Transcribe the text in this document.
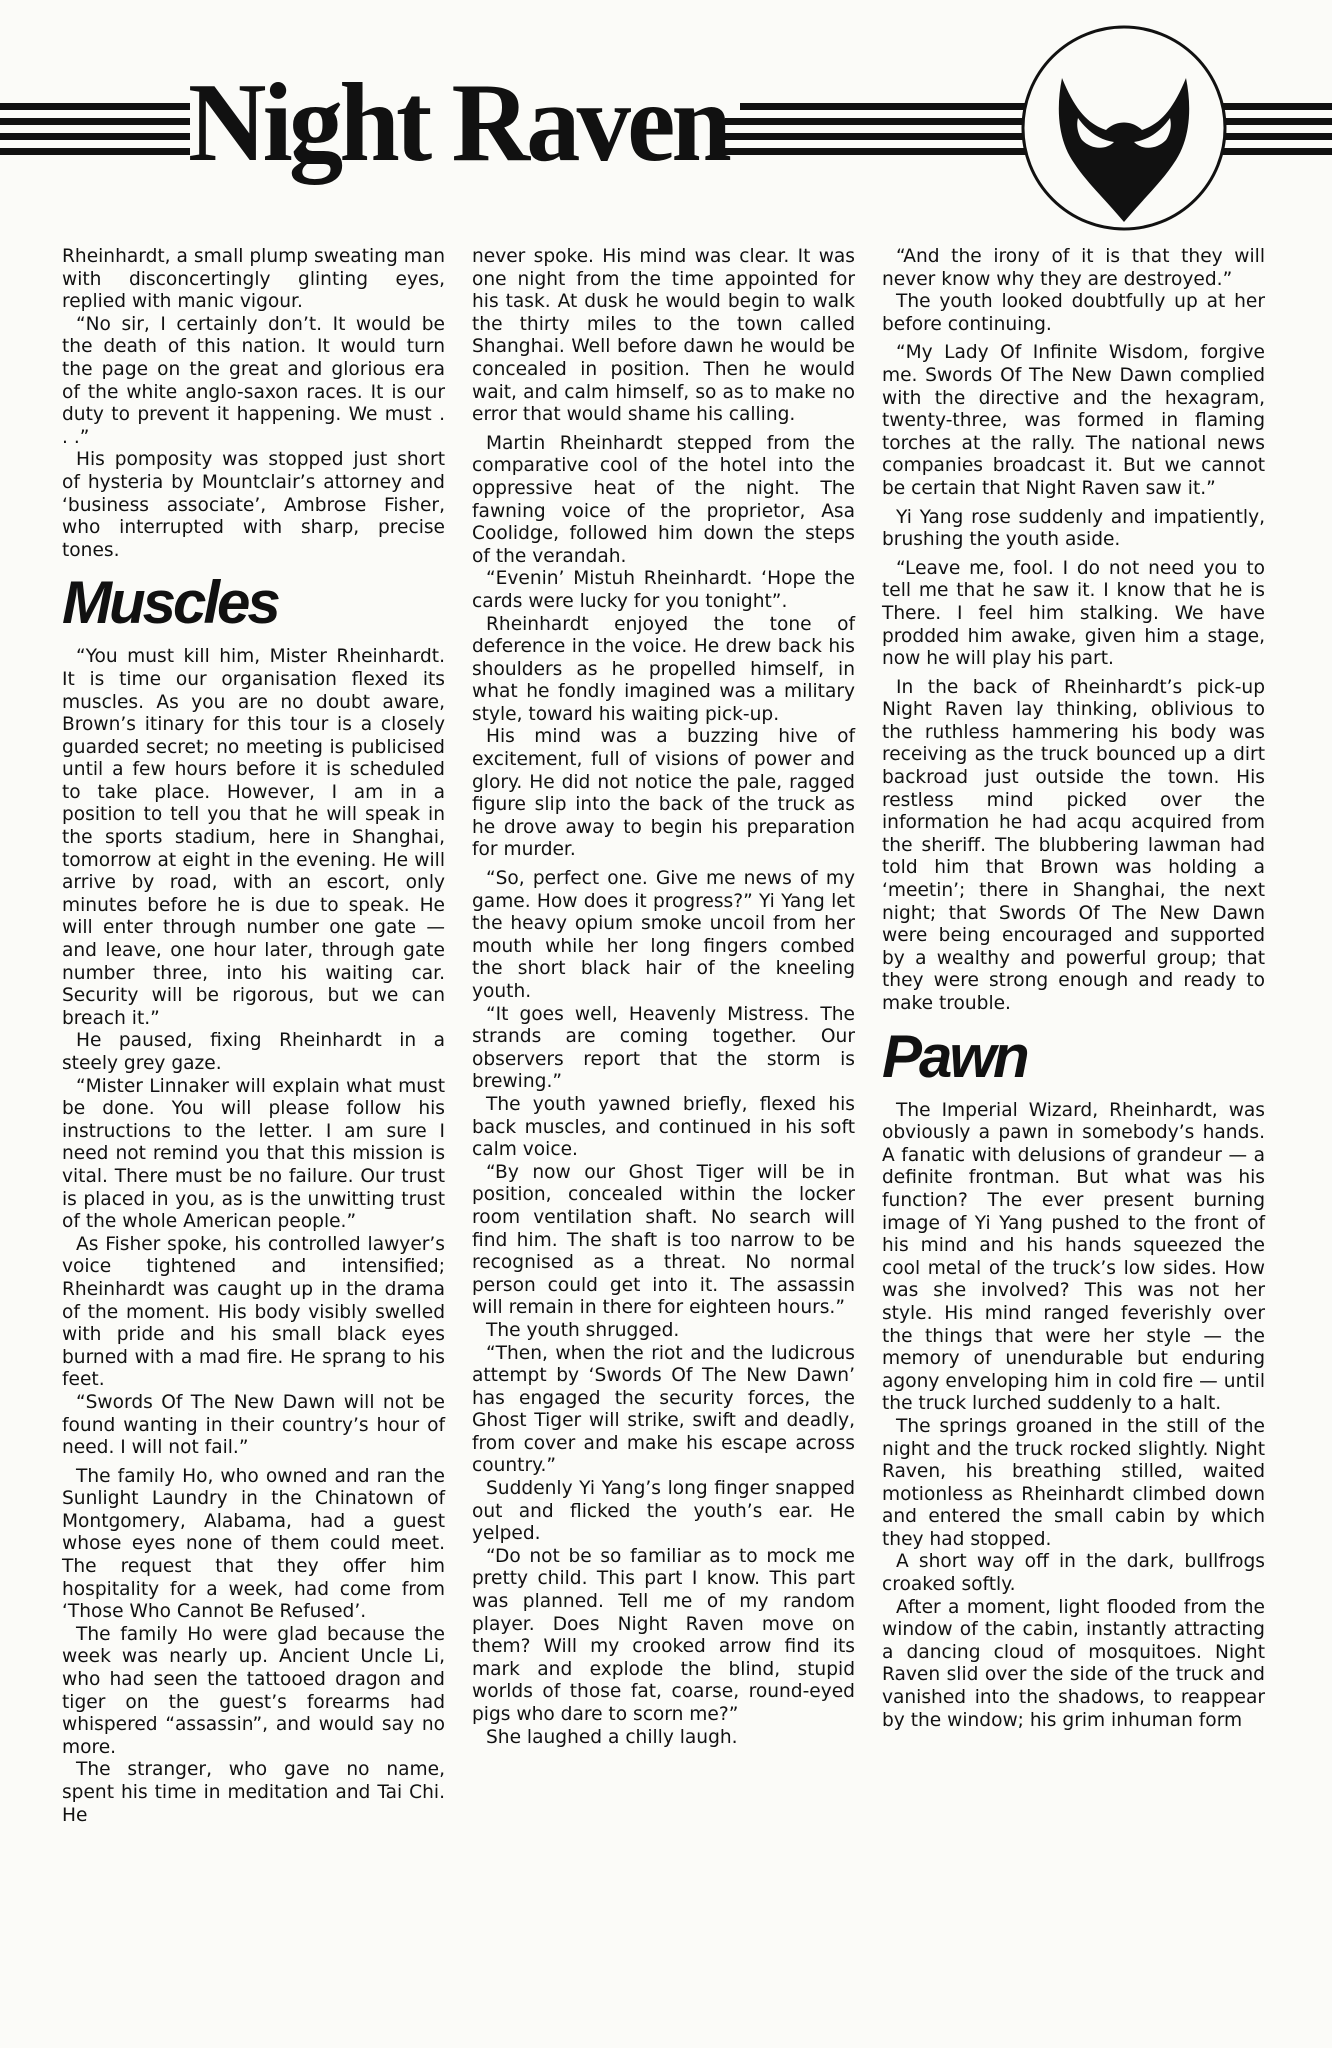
Night Raven

Rheinhardt, a small plump sweating man with disconcertingly glinting eyes, replied with manic vigour.

“No sir, I certainly don’t. It would be the death of this nation. It would turn the page on the great and glorious era of the white anglo-saxon races. It is our duty to prevent it happening. We must . . .”

His pomposity was stopped just short of hysteria by Mountclair’s attorney and ‘business associate’, Ambrose Fisher, who interrupted with sharp, precise tones.

Muscles

“You must kill him, Mister Rheinhardt. It is time our organisation flexed its muscles. As you are no doubt aware, Brown’s itinary for this tour is a closely guarded secret; no meeting is publicised until a few hours before it is scheduled to take place. However, I am in a position to tell you that he will speak in the sports stadium, here in Shanghai, tomorrow at eight in the evening. He will arrive by road, with an escort, only minutes before he is due to speak. He will enter through number one gate — and leave, one hour later, through gate number three, into his waiting car. Security will be rigorous, but we can breach it.”

He paused, fixing Rheinhardt in a steely grey gaze.

“Mister Linnaker will explain what must be done. You will please follow his instructions to the letter. I am sure I need not remind you that this mission is vital. There must be no failure. Our trust is placed in you, as is the unwitting trust of the whole American people.”

As Fisher spoke, his controlled lawyer’s voice tightened and intensified; Rheinhardt was caught up in the drama of the moment. His body visibly swelled with pride and his small black eyes burned with a mad fire. He sprang to his feet.

“Swords Of The New Dawn will not be found wanting in their country’s hour of need. I will not fail.”

The family Ho, who owned and ran the Sunlight Laundry in the Chinatown of Montgomery, Alabama, had a guest whose eyes none of them could meet. The request that they offer him hospitality for a week, had come from ‘Those Who Cannot Be Refused’.

The family Ho were glad because the week was nearly up. Ancient Uncle Li, who had seen the tattooed dragon and tiger on the guest’s forearms had whispered “assassin”, and would say no more.

The stranger, who gave no name, spent his time in meditation and Tai Chi. He

never spoke. His mind was clear. It was one night from the time appointed for his task. At dusk he would begin to walk the thirty miles to the town called Shanghai. Well before dawn he would be concealed in position. Then he would wait, and calm himself, so as to make no error that would shame his calling.

Martin Rheinhardt stepped from the comparative cool of the hotel into the oppressive heat of the night. The fawning voice of the proprietor, Asa Coolidge, followed him down the steps of the verandah.

“Evenin’ Mistuh Rheinhardt. ‘Hope the cards were lucky for you tonight”.

Rheinhardt enjoyed the tone of deference in the voice. He drew back his shoulders as he propelled himself, in what he fondly imagined was a military style, toward his waiting pick-up.

His mind was a buzzing hive of excitement, full of visions of power and glory. He did not notice the pale, ragged figure slip into the back of the truck as he drove away to begin his preparation for murder.

“So, perfect one. Give me news of my game. How does it progress?” Yi Yang let the heavy opium smoke uncoil from her mouth while her long fingers combed the short black hair of the kneeling youth.

“It goes well, Heavenly Mistress. The strands are coming together. Our observers report that the storm is brewing.”

The youth yawned briefly, flexed his back muscles, and continued in his soft calm voice.

“By now our Ghost Tiger will be in position, concealed within the locker room ventilation shaft. No search will find him. The shaft is too narrow to be recognised as a threat. No normal person could get into it. The assassin will remain in there for eighteen hours.”

The youth shrugged.

“Then, when the riot and the ludicrous attempt by ‘Swords Of The New Dawn’ has engaged the security forces, the Ghost Tiger will strike, swift and deadly, from cover and make his escape across country.”

Suddenly Yi Yang’s long finger snapped out and flicked the youth’s ear. He yelped.

“Do not be so familiar as to mock me pretty child. This part I know. This part was planned. Tell me of my random player. Does Night Raven move on them? Will my crooked arrow find its mark and explode the blind, stupid worlds of those fat, coarse, round-eyed pigs who dare to scorn me?”

She laughed a chilly laugh.

“And the irony of it is that they will never know why they are destroyed.”

The youth looked doubtfully up at her before continuing.

“My Lady Of Infinite Wisdom, forgive me. Swords Of The New Dawn complied with the directive and the hexagram, twenty-three, was formed in flaming torches at the rally. The national news companies broadcast it. But we cannot be certain that Night Raven saw it.”

Yi Yang rose suddenly and impatiently, brushing the youth aside.

“Leave me, fool. I do not need you to tell me that he saw it. I know that he is There. I feel him stalking. We have prodded him awake, given him a stage, now he will play his part.

In the back of Rheinhardt’s pick-up Night Raven lay thinking, oblivious to the ruthless hammering his body was receiving as the truck bounced up a dirt backroad just outside the town. His restless mind picked over the information he had acqu acquired from the sheriff. The blubbering lawman had told him that Brown was holding a ‘meetin’; there in Shanghai, the next night; that Swords Of The New Dawn were being encouraged and supported by a wealthy and powerful group; that they were strong enough and ready to make trouble.

Pawn

The Imperial Wizard, Rheinhardt, was obviously a pawn in somebody’s hands. A fanatic with delusions of grandeur — a definite frontman. But what was his function? The ever present burning image of Yi Yang pushed to the front of his mind and his hands squeezed the cool metal of the truck’s low sides. How was she involved? This was not her style. His mind ranged feverishly over the things that were her style — the memory of unendurable but enduring agony enveloping him in cold fire — until the truck lurched suddenly to a halt.

The springs groaned in the still of the night and the truck rocked slightly. Night Raven, his breathing stilled, waited motionless as Rheinhardt climbed down and entered the small cabin by which they had stopped.

A short way off in the dark, bullfrogs croaked softly.

After a moment, light flooded from the window of the cabin, instantly attracting a dancing cloud of mosquitoes. Night Raven slid over the side of the truck and vanished into the shadows, to reappear by the window; his grim inhuman form
